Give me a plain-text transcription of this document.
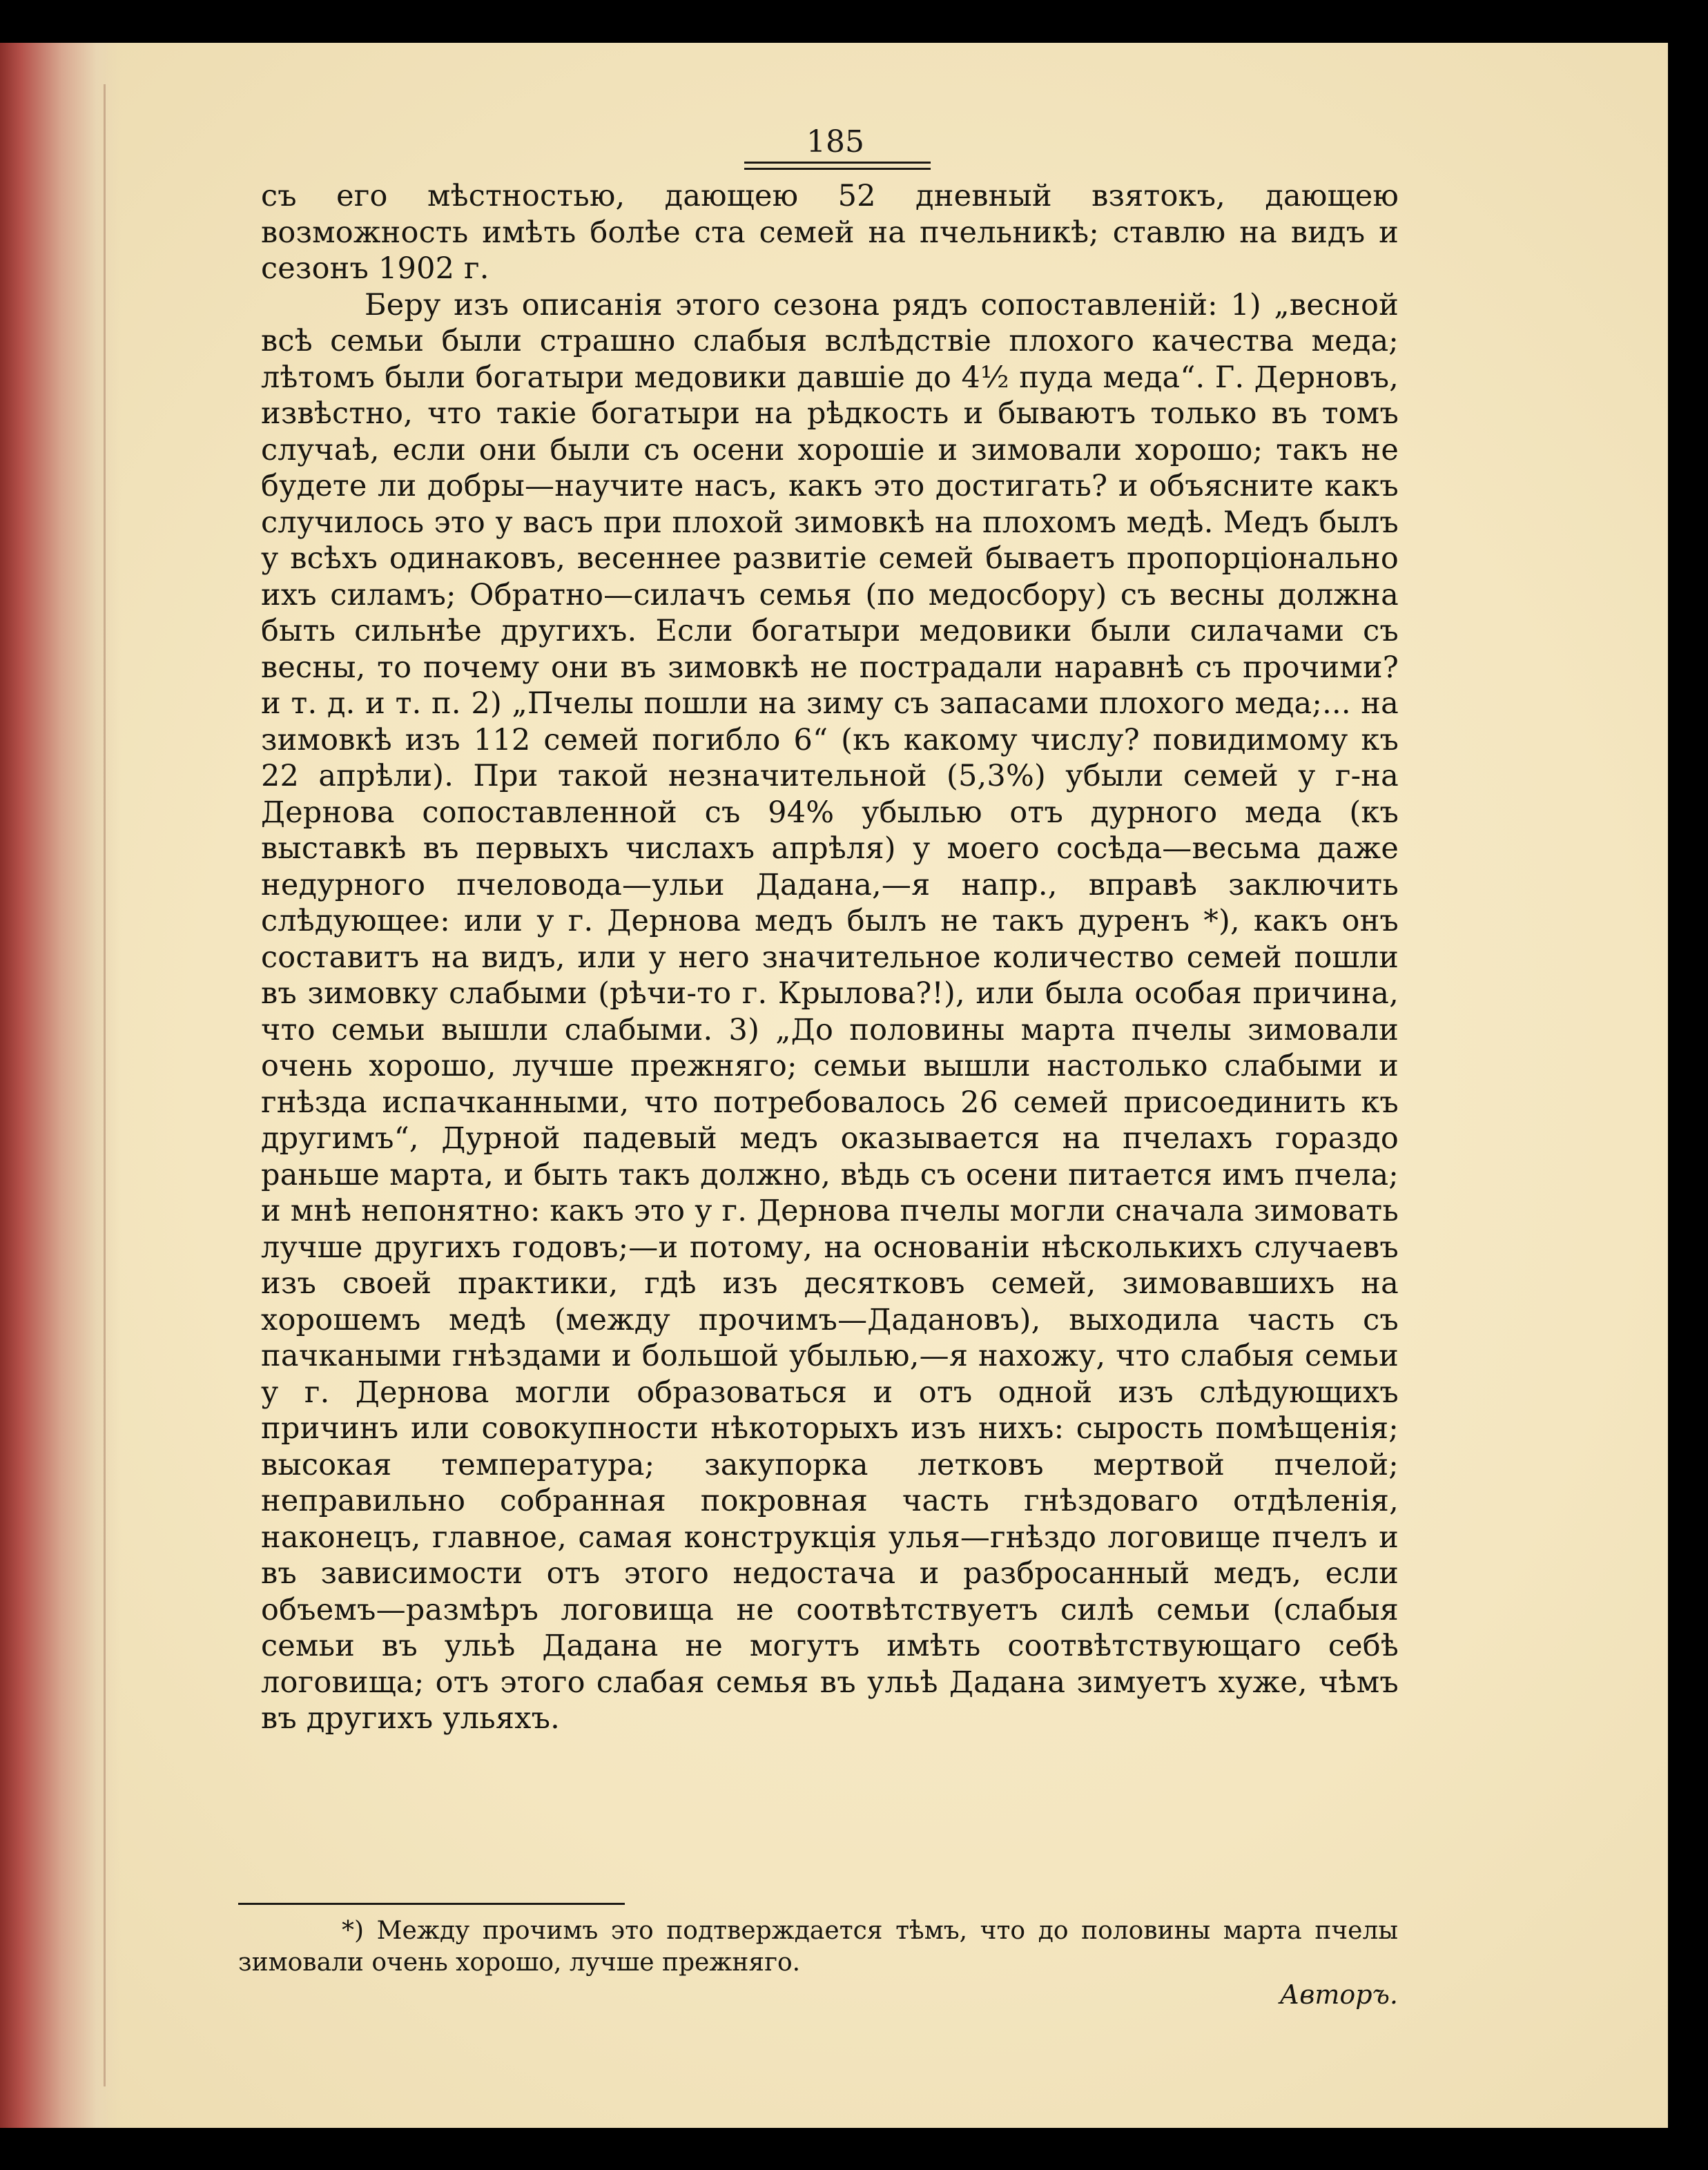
185

съ его мѣстностью, дающею 52 дневный взятокъ, дающею возможность имѣть болѣе ста семей на пчельникѣ; ставлю на видъ и сезонъ 1902 г.

Беру изъ описанія этого сезона рядъ сопоставленій: 1) „весной всѣ семьи были страшно слабыя вслѣдствіе плохого качества меда; лѣтомъ были богатыри медовики давшіе до 4½ пуда меда“. Г. Дерновъ, извѣстно, что такіе богатыри на рѣдкость и бываютъ только въ томъ случаѣ, если они были съ осени хорошіе и зимовали хорошо; такъ не будете ли добры—научите насъ, какъ это достигать? и объясните какъ случилось это у васъ при плохой зимовкѣ на плохомъ медѣ. Медъ былъ у всѣхъ одинаковъ, весеннее развитіе семей бываетъ пропорціонально ихъ силамъ; Обратно—силачъ семья (по медосбору) съ весны должна быть сильнѣе другихъ. Если богатыри медовики были силачами съ весны, то почему они въ зимовкѣ не пострадали наравнѣ съ прочими? и т. д. и т. п. 2) „Пчелы пошли на зиму съ запасами плохого меда;... на зимовкѣ изъ 112 семей погибло 6“ (къ какому числу? повидимому къ 22 апрѣли). При такой незначительной (5,3%) убыли семей у г-на Дернова сопоставленной съ 94% убылью отъ дурного меда (къ выставкѣ въ первыхъ числахъ апрѣля) у моего сосѣда—весьма даже недурного пчеловода—ульи Дадана,—я напр., вправѣ заключить слѣдующее: или у г. Дернова медъ былъ не такъ дуренъ *), какъ онъ составитъ на видъ, или у него значительное количество семей пошли въ зимовку слабыми (рѣчи-то г. Крылова?!), или была особая причина, что семьи вышли слабыми. 3) „До половины марта пчелы зимовали очень хорошо, лучше прежняго; семьи вышли настолько слабыми и гнѣзда испачканными, что потребовалось 26 семей присоединить къ другимъ“, Дурной падевый медъ оказывается на пчелахъ гораздо раньше марта, и быть такъ должно, вѣдь съ осени питается имъ пчела; и мнѣ непонятно: какъ это у г. Дернова пчелы могли сначала зимовать лучше другихъ годовъ;—и потому, на основаніи нѣсколькихъ случаевъ изъ своей практики, гдѣ изъ десятковъ семей, зимовавшихъ на хорошемъ медѣ (между прочимъ—Дадановъ), выходила часть съ пачкаными гнѣздами и большой убылью,—я нахожу, что слабыя семьи у г. Дернова могли образоваться и отъ одной изъ слѣдующихъ причинъ или совокупности нѣкоторыхъ изъ нихъ: сырость помѣщенія; высокая температура; закупорка летковъ мертвой пчелой; неправильно собранная покровная часть гнѣздоваго отдѣленія, наконецъ, главное, самая конструкція улья—гнѣздо логовище пчелъ и въ зависимости отъ этого недостача и разбросанный медъ, если объемъ—размѣръ логовища не соотвѣтствуетъ силѣ семьи (слабыя семьи въ ульѣ Дадана не могутъ имѣть соотвѣтствующаго себѣ логовища; отъ этого слабая семья въ ульѣ Дадана зимуетъ хуже, чѣмъ въ другихъ ульяхъ.

*) Между прочимъ это подтверждается тѣмъ, что до половины марта пчелы зимовали очень хорошо, лучше прежняго.

Авторъ.
